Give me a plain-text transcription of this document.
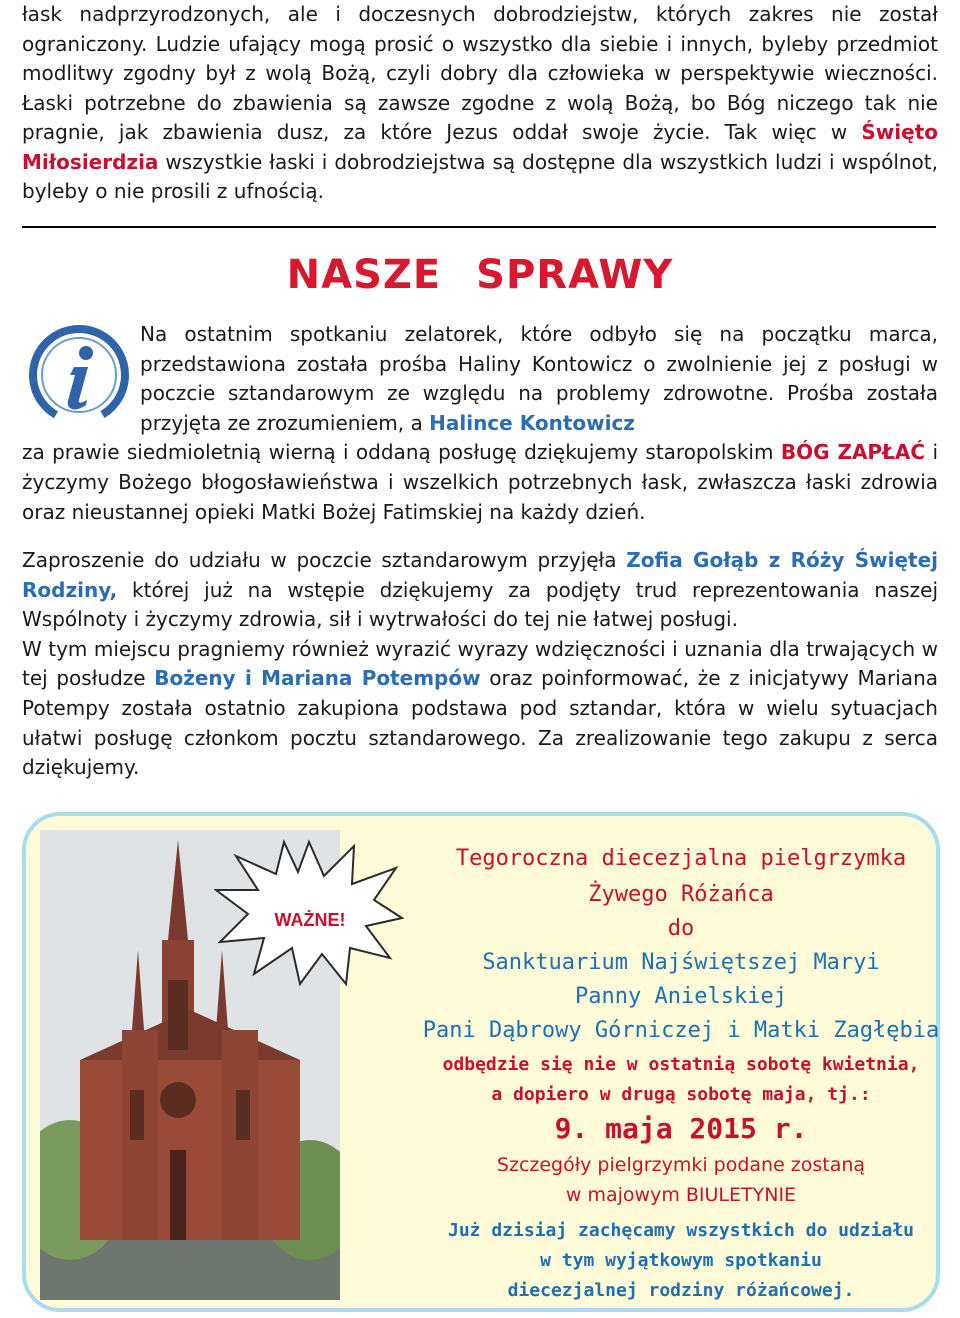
łask nadprzyrodzonych, ale i doczesnych dobrodziejstw, których zakres nie został ograniczony. Ludzie ufający mogą prosić o wszystko dla siebie i innych, byleby przedmiot modlitwy zgodny był z wolą Bożą, czyli dobry dla człowieka w perspektywie wieczności. Łaski potrzebne do zbawienia są zawsze zgodne z wolą Bożą, bo Bóg niczego tak nie pragnie, jak zbawienia dusz, za które Jezus oddał swoje życie. Tak więc w Święto Miłosierdzia wszystkie łaski i dobrodziejstwa są dostępne dla wszystkich ludzi i wspólnot, byleby o nie prosili z ufnością.

NASZE SPRAWY

Na ostatnim spotkaniu zelatorek, które odbyło się na początku marca, przedstawiona została prośba Haliny Kontowicz o zwolnienie jej z posługi w poczcie sztandarowym ze względu na problemy zdrowotne. Prośba została przyjęta ze zrozumieniem, a Halince Kontowicz
za prawie siedmioletnią wierną i oddaną posługę dziękujemy staropolskim BÓG ZAPŁAĆ i życzymy Bożego błogosławieństwa i wszelkich potrzebnych łask, zwłaszcza łaski zdrowia oraz nieustannej opieki Matki Bożej Fatimskiej na każdy dzień.

Zaproszenie do udziału w poczcie sztandarowym przyjęła Zofia Gołąb z Róży Świętej Rodziny, której już na wstępie dziękujemy za podjęty trud reprezentowania naszej Wspólnoty i życzymy zdrowia, sił i wytrwałości do tej nie łatwej posługi.
W tym miejscu pragniemy również wyrazić wyrazy wdzięczności i uznania dla trwających w tej posłudze Bożeny i Mariana Potempów oraz poinformować, że z inicjatywy Mariana Potempy została ostatnio zakupiona podstawa pod sztandar, która w wielu sytuacjach ułatwi posługę członkom pocztu sztandarowego. Za zrealizowanie tego zakupu z serca dziękujemy.

WAŻNE!
Tegoroczna diecezjalna pielgrzymka
Żywego Różańca
do
Sanktuarium Najświętszej Maryi
Panny Anielskiej
Pani Dąbrowy Górniczej i Matki Zagłębia
odbędzie się nie w ostatnią sobotę kwietnia,
a dopiero w drugą sobotę maja, tj.:
9. maja 2015 r.
Szczegóły pielgrzymki podane zostaną
w majowym BIULETYNIE
Już dzisiaj zachęcamy wszystkich do udziału
w tym wyjątkowym spotkaniu
diecezjalnej rodziny różańcowej.
